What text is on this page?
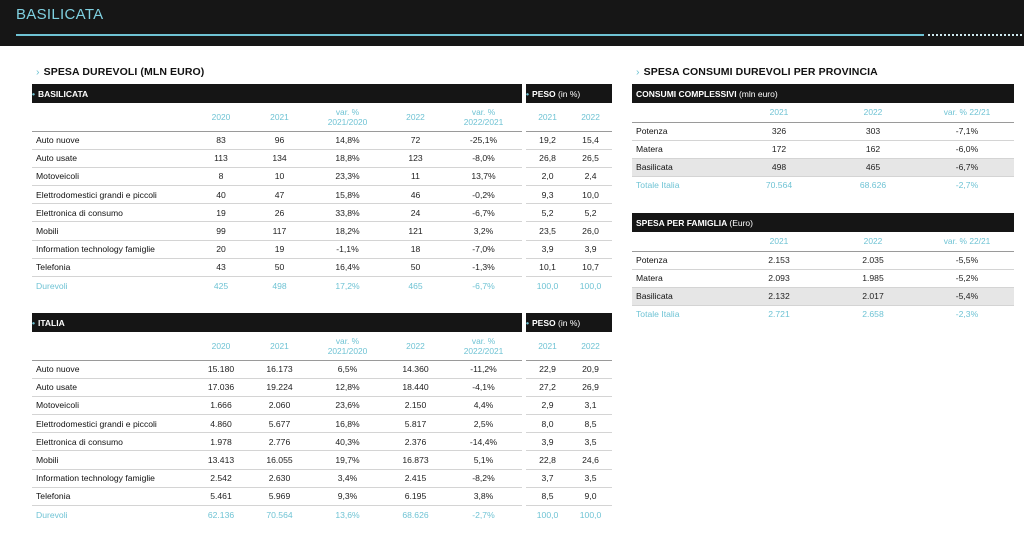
BASILICATA
› SPESA DUREVOLI (MLN EURO)	› SPESA CONSUMI DUREVOLI PER PROVINCIA
• BASILICATA							• PESO (in %)	
	2020	2021	var. %
2021/2020	2022	var. %
2022/2021		2021	2022
Auto nuove	83	96	14,8%	72	-25,1%		19,2	15,4
Auto usate	113	134	18,8%	123	-8,0%		26,8	26,5
Motoveicoli	8	10	23,3%	11	13,7%		2,0	2,4
Elettrodomestici grandi e piccoli	40	47	15,8%	46	-0,2%		9,3	10,0
Elettronica di consumo	19	26	33,8%	24	-6,7%		5,2	5,2
Mobili	99	117	18,2%	121	3,2%		23,5	26,0
Information technology famiglie	20	19	-1,1%	18	-7,0%		3,9	3,9
Telefonia	43	50	16,4%	50	-1,3%		10,1	10,7
Durevoli	425	498	17,2%	465	-6,7%		100,0	100,0
• ITALIA							• PESO (in %)	
	2020	2021	var. %
2021/2020	2022	var. %
2022/2021		2021	2022
Auto nuove	15.180	16.173	6,5%	14.360	-11,2%		22,9	20,9
Auto usate	17.036	19.224	12,8%	18.440	-4,1%		27,2	26,9
Motoveicoli	1.666	2.060	23,6%	2.150	4,4%		2,9	3,1
Elettrodomestici grandi e piccoli	4.860	5.677	16,8%	5.817	2,5%		8,0	8,5
Elettronica di consumo	1.978	2.776	40,3%	2.376	-14,4%		3,9	3,5
Mobili	13.413	16.055	19,7%	16.873	5,1%		22,8	24,6
Information technology famiglie	2.542	2.630	3,4%	2.415	-8,2%		3,7	3,5
Telefonia	5.461	5.969	9,3%	6.195	3,8%		8,5	9,0
Durevoli	62.136	70.564	13,6%	68.626	-2,7%		100,0	100,0
CONSUMI COMPLESSIVI (mln euro)			
	2021	2022	var. % 22/21
Potenza	326	303	-7,1%
Matera	172	162	-6,0%
Basilicata	498	465	-6,7%
Totale Italia	70.564	68.626	-2,7%
SPESA PER FAMIGLIA (Euro)			
	2021	2022	var. % 22/21
Potenza	2.153	2.035	-5,5%
Matera	2.093	1.985	-5,2%
Basilicata	2.132	2.017	-5,4%
Totale Italia	2.721	2.658	-2,3%
